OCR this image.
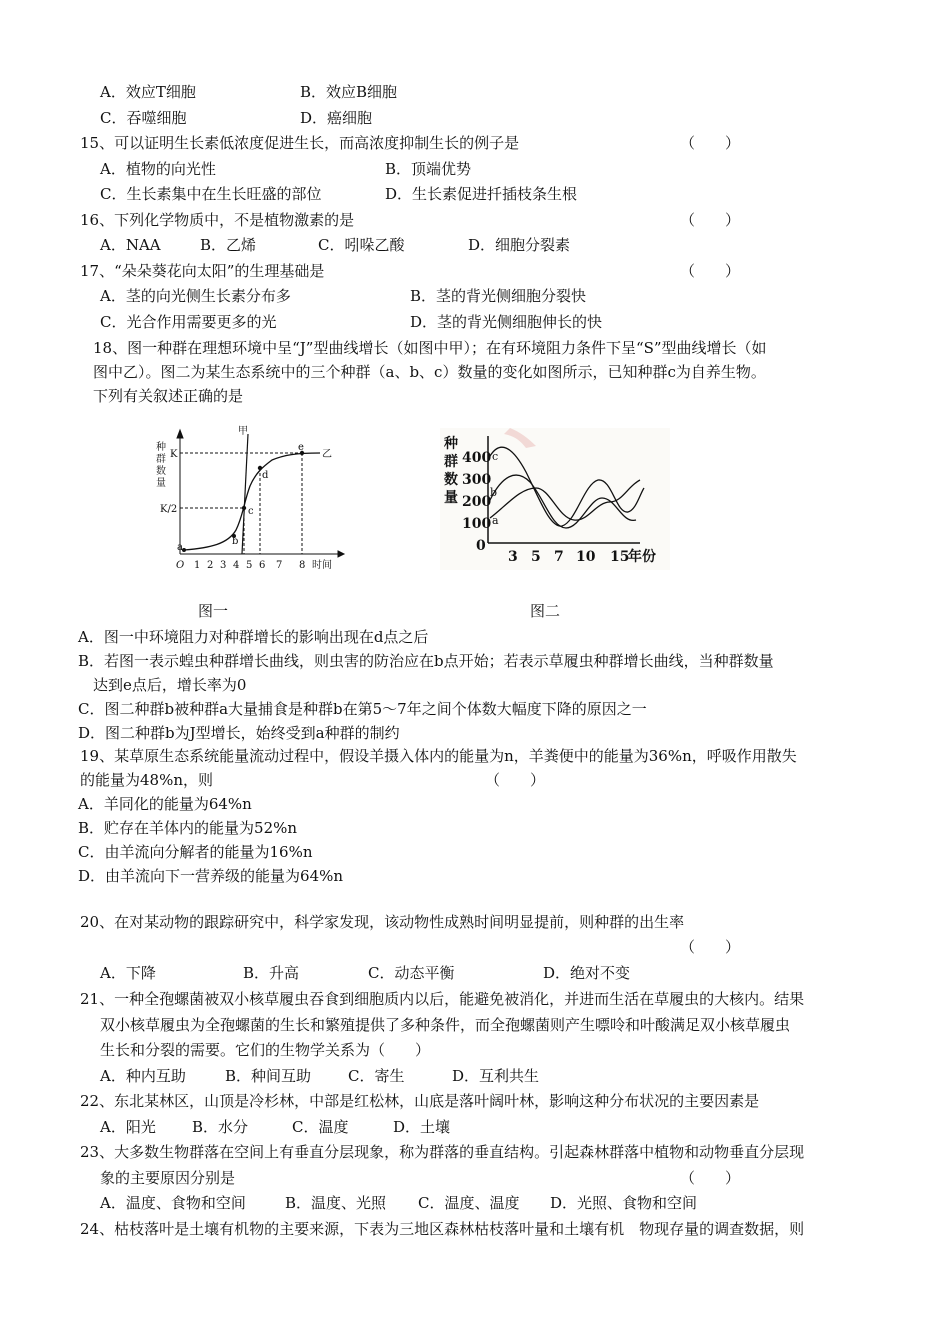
A．效应T细胞	B．效应B细胞
C．吞噬细胞	D．癌细胞
15、可以证明生长素低浓度促进生长，而高浓度抑制生长的例子是	（　　）
A．植物的向光性	B．顶端优势
C．生长素集中在生长旺盛的部位	D．生长素促进扦插枝条生根
16、下列化学物质中，不是植物激素的是	（　　）
A．NAA	B．乙烯	C．吲哚乙酸	D．细胞分裂素
17、“朵朵葵花向太阳”的生理基础是	（　　）
A．茎的向光侧生长素分布多	B．茎的背光侧细胞分裂快
C．光合作用需要更多的光	D．茎的背光侧细胞伸长的快
18、图一种群在理想环境中呈“J”型曲线增长（如图中甲）；在有环境阻力条件下呈“S”型曲线增长（如
图中乙）。图二为某生态系统中的三个种群（a、b、c）数量的变化如图所示，已知种群c为自养生物。
下列有关叙述正确的是
种
群
数
量
K
K/2
a
b
c
d
e
甲
乙
O 1 2 3 4 5 6 7 8 时间
种
群
数
量
400
300
200
100
0
3 5 7 10 15
年份
c
b
a
图一	图二
A．图一中环境阻力对种群增长的影响出现在d点之后
B．若图一表示蝗虫种群增长曲线，则虫害的防治应在b点开始；若表示草履虫种群增长曲线，当种群数量
达到e点后，增长率为0
C．图二种群b被种群a大量捕食是种群b在第5～7年之间个体数大幅度下降的原因之一
D．图二种群b为J型增长，始终受到a种群的制约
19、某草原生态系统能量流动过程中，假设羊摄入体内的能量为n，羊粪便中的能量为36%n，呼吸作用散失
的能量为48%n，则	（　　）
A．羊同化的能量为64%n
B．贮存在羊体内的能量为52%n
C．由羊流向分解者的能量为16%n
D．由羊流向下一营养级的能量为64%n
20、在对某动物的跟踪研究中，科学家发现，该动物性成熟时间明显提前，则种群的出生率
（　　）
A．下降	B．升高	C．动态平衡	D．绝对不变
21、一种全孢螺菌被双小核草履虫吞食到细胞质内以后，能避免被消化，并进而生活在草履虫的大核内。结果
双小核草履虫为全孢螺菌的生长和繁殖提供了多种条件，而全孢螺菌则产生嘌呤和叶酸满足双小核草履虫
生长和分裂的需要。它们的生物学关系为（　　）
A．种内互助	B．种间互助 C．寄生	D．互利共生
22、东北某林区，山顶是冷杉林，中部是红松林，山底是落叶阔叶林，影响这种分布状况的主要因素是
A．阳光 B．水分	C．温度	D．土壤
23、大多数生物群落在空间上有垂直分层现象，称为群落的垂直结构。引起森林群落中植物和动物垂直分层现
象的主要原因分别是	（　　）
A．温度、食物和空间	B．温度、光照 C．温度、温度 D．光照、食物和空间
24、枯枝落叶是土壤有机物的主要来源，下表为三地区森林枯枝落叶量和土壤有机　物现存量的调查数据，则
